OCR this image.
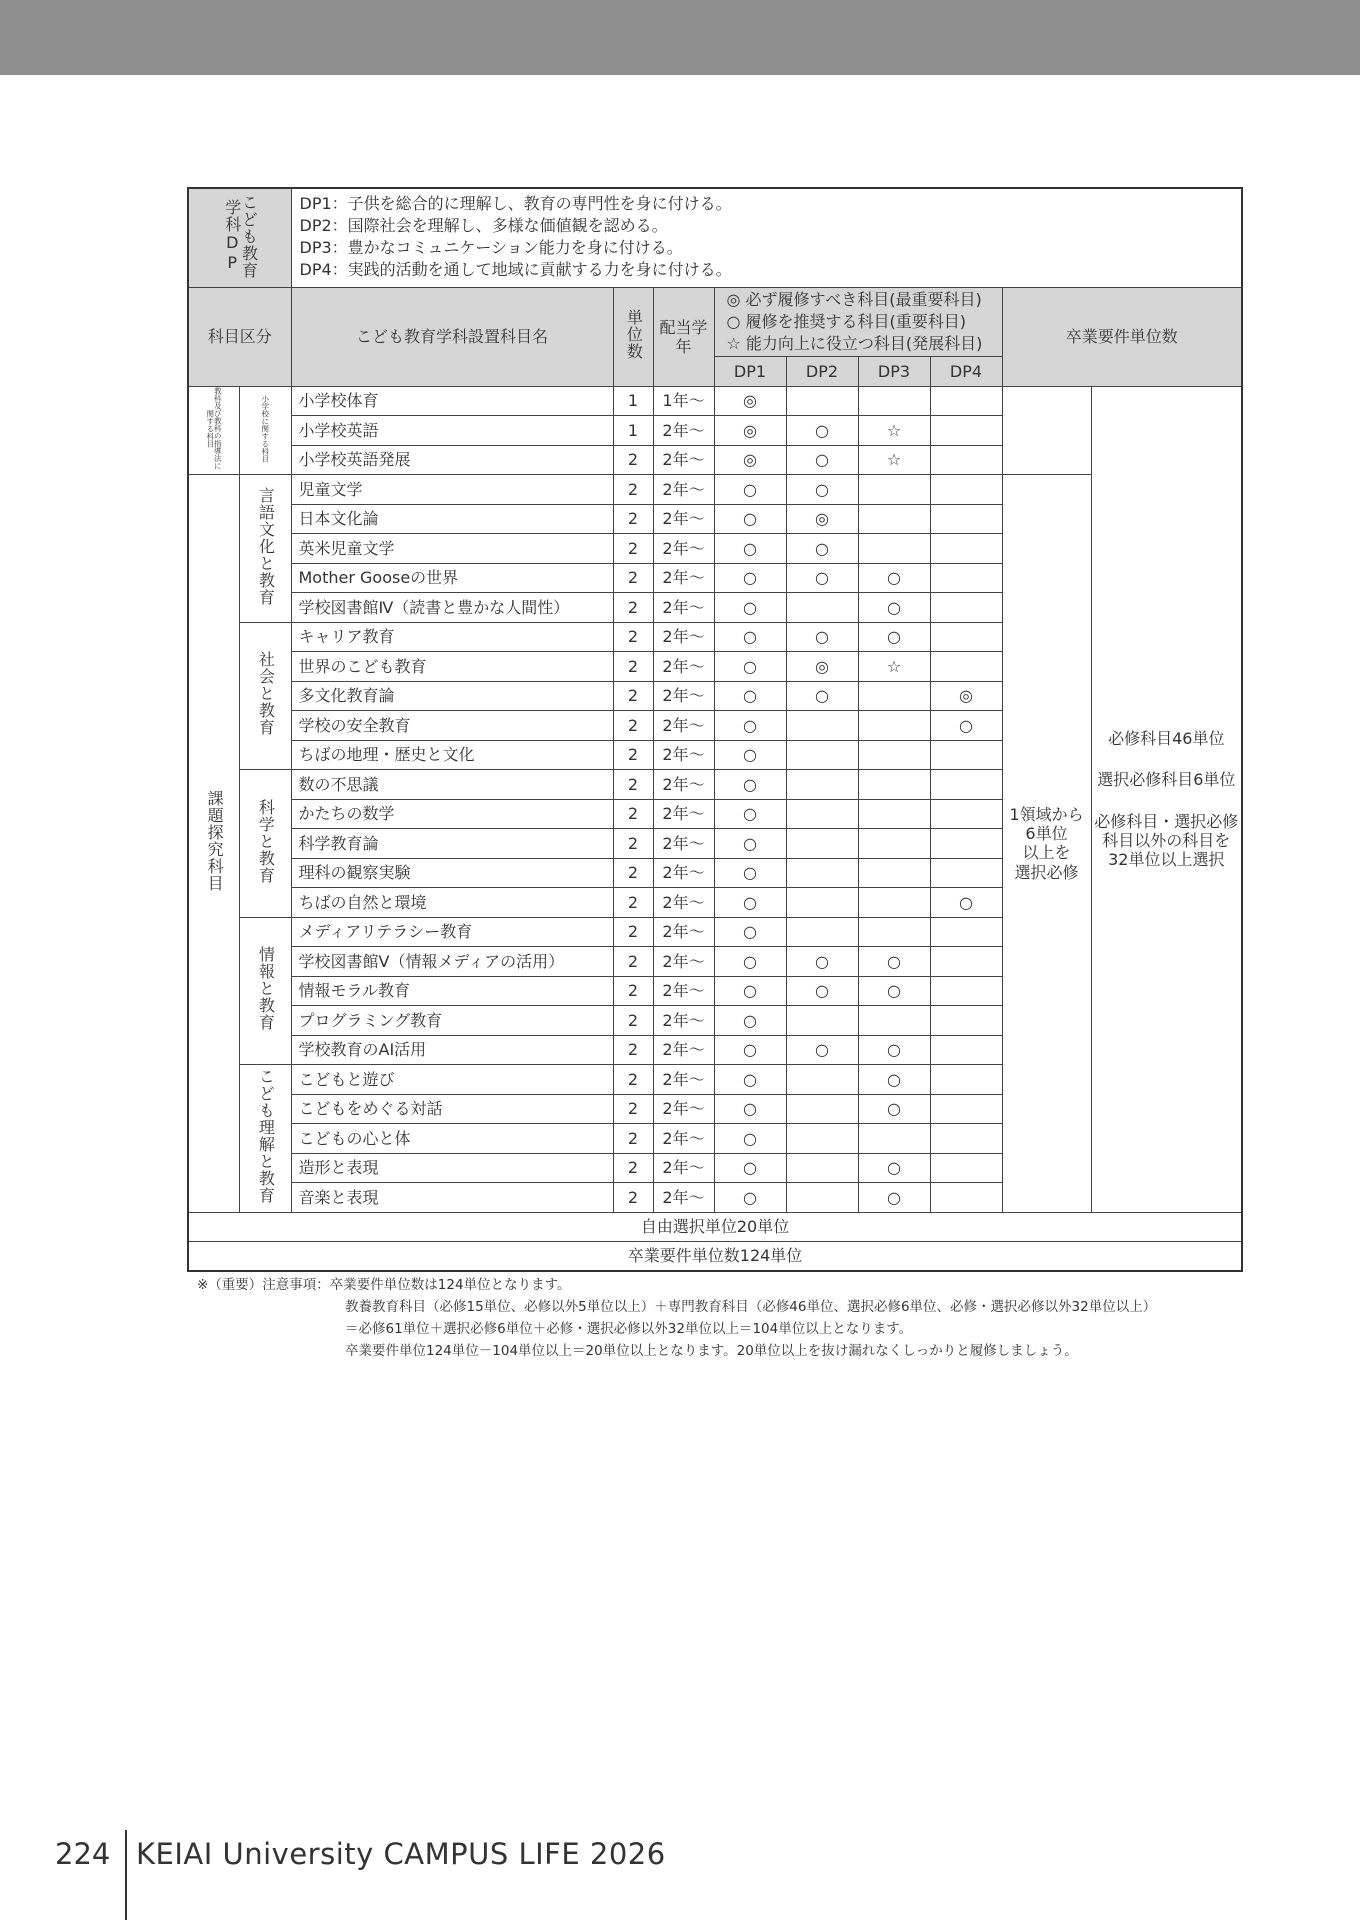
こども教育学科DP		DP1：子供を総合的に理解し、教育の専門性を身に付ける。
DP2：国際社会を理解し、多様な価値観を認める。
DP3：豊かなコミュニケーション能力を身に付ける。
DP4：実践的活動を通して地域に貢献する力を身に付ける。								

科目区分		こども教育学科設置科目名	単位数	配当学年	◎ 必ず履修すべき科目(最重要科目)
○ 履修を推奨する科目(重要科目)
☆ 能力向上に役立つ科目(発展科目)				卒業要件単位数	
					DP1	DP2	DP3	DP4		
教科及び教科の指導法に関する科目	小学校に関する科目	小学校体育	1	1年～	◎					必修科目46単位
選択必修科目6単位
必修科目・選択必修
科目以外の科目を
32単位以上選択

		小学校英語	1	2年～	◎	○	☆			
		小学校英語発展	2	2年～	◎	○	☆			
課題探究科目	言語文化と教育	児童文学	2	2年～	○	○			1領域から
6単位
以上を
選択必修	

		日本文化論	2	2年～	○	◎				
		英米児童文学	2	2年～	○	○				
		Mother Gooseの世界	2	2年～	○	○	○			
		学校図書館Ⅳ（読書と豊かな人間性）	2	2年～	○		○			
	社会と教育	キャリア教育	2	2年～	○	○	○			
		世界のこども教育	2	2年～	○	◎	☆			
		多文化教育論	2	2年～	○	○		◎		
		学校の安全教育	2	2年～	○			○		
		ちばの地理・歴史と文化	2	2年～	○					
	科学と教育	数の不思議	2	2年～	○					
		かたちの数学	2	2年～	○					
		科学教育論	2	2年～	○					
		理科の観察実験	2	2年～	○					
		ちばの自然と環境	2	2年～	○			○		
	情報と教育	メディアリテラシー教育	2	2年～	○					
		学校図書館Ⅴ（情報メディアの活用）	2	2年～	○	○	○			
		情報モラル教育	2	2年～	○	○	○			
		プログラミング教育	2	2年～	○					
		学校教育のAI活用	2	2年～	○	○	○			
	こども理解と教育	こどもと遊び	2	2年～	○		○			
		こどもをめぐる対話	2	2年～	○		○			
		こどもの心と体	2	2年～	○					
		造形と表現	2	2年～	○		○			
		音楽と表現	2	2年～	○		○			
自由選択単位20単位										
卒業要件単位数124単位										
※（重要）注意事項：卒業要件単位数は124単位となります。
教養教育科目（必修15単位、必修以外5単位以上）＋専門教育科目（必修46単位、選択必修6単位、必修・選択必修以外32単位以上）
＝必修61単位＋選択必修6単位＋必修・選択必修以外32単位以上＝104単位以上となります。
卒業要件単位124単位－104単位以上＝20単位以上となります。20単位以上を抜け漏れなくしっかりと履修しましょう。
224 KEIAI University CAMPUS LIFE 2026
